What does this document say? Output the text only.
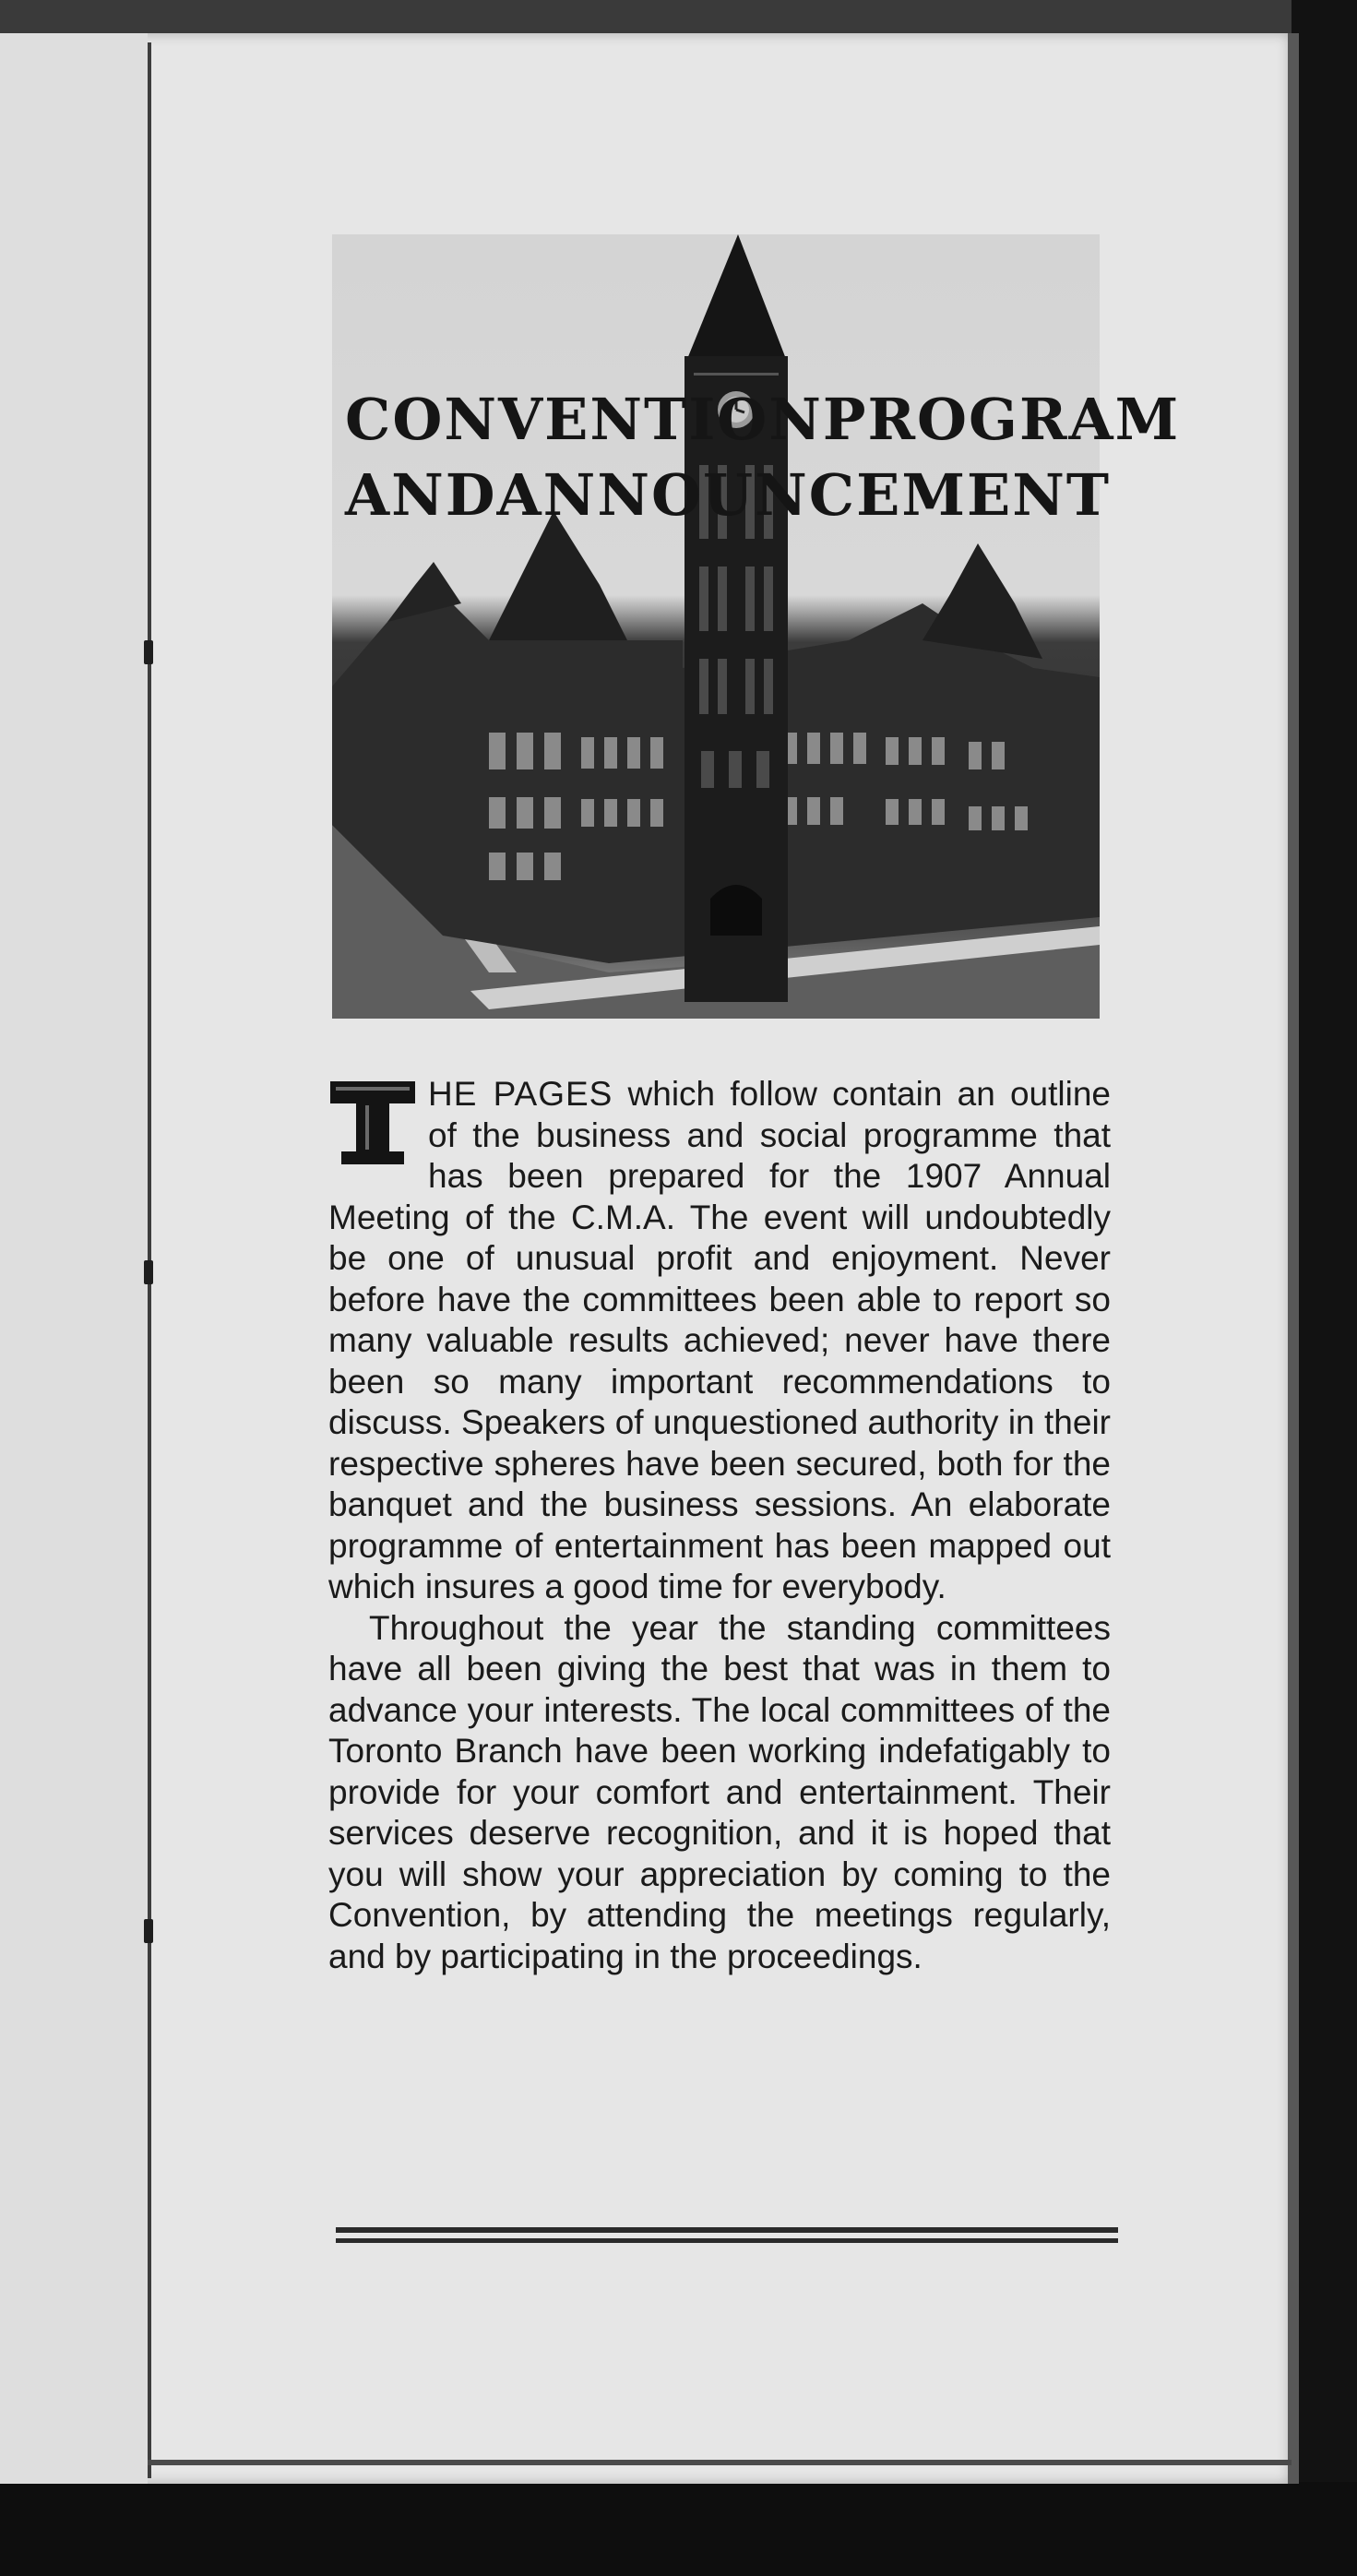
CONVENTION PROGRAM
AND ANNOUNCEMENT
HE PAGES which follow contain an outline of the business and social programme that has been prepared for the 1907 Annual Meeting of the C.M.A. The event will undoubtedly be one of unusual profit and enjoyment. Never before have the committees been able to report so many valuable results achieved; never have there been so many important recommendations to discuss. Speakers of unquestioned authority in their respective spheres have been secured, both for the banquet and the business sessions. An elaborate programme of entertainment has been mapped out which insures a good time for everybody.
Throughout the year the standing committees have all been giving the best that was in them to advance your interests. The local committees of the Toronto Branch have been working indefatigably to provide for your comfort and entertainment. Their services deserve recognition, and it is hoped that you will show your appreciation by coming to the Convention, by attending the meetings regularly, and by participating in the proceedings.
